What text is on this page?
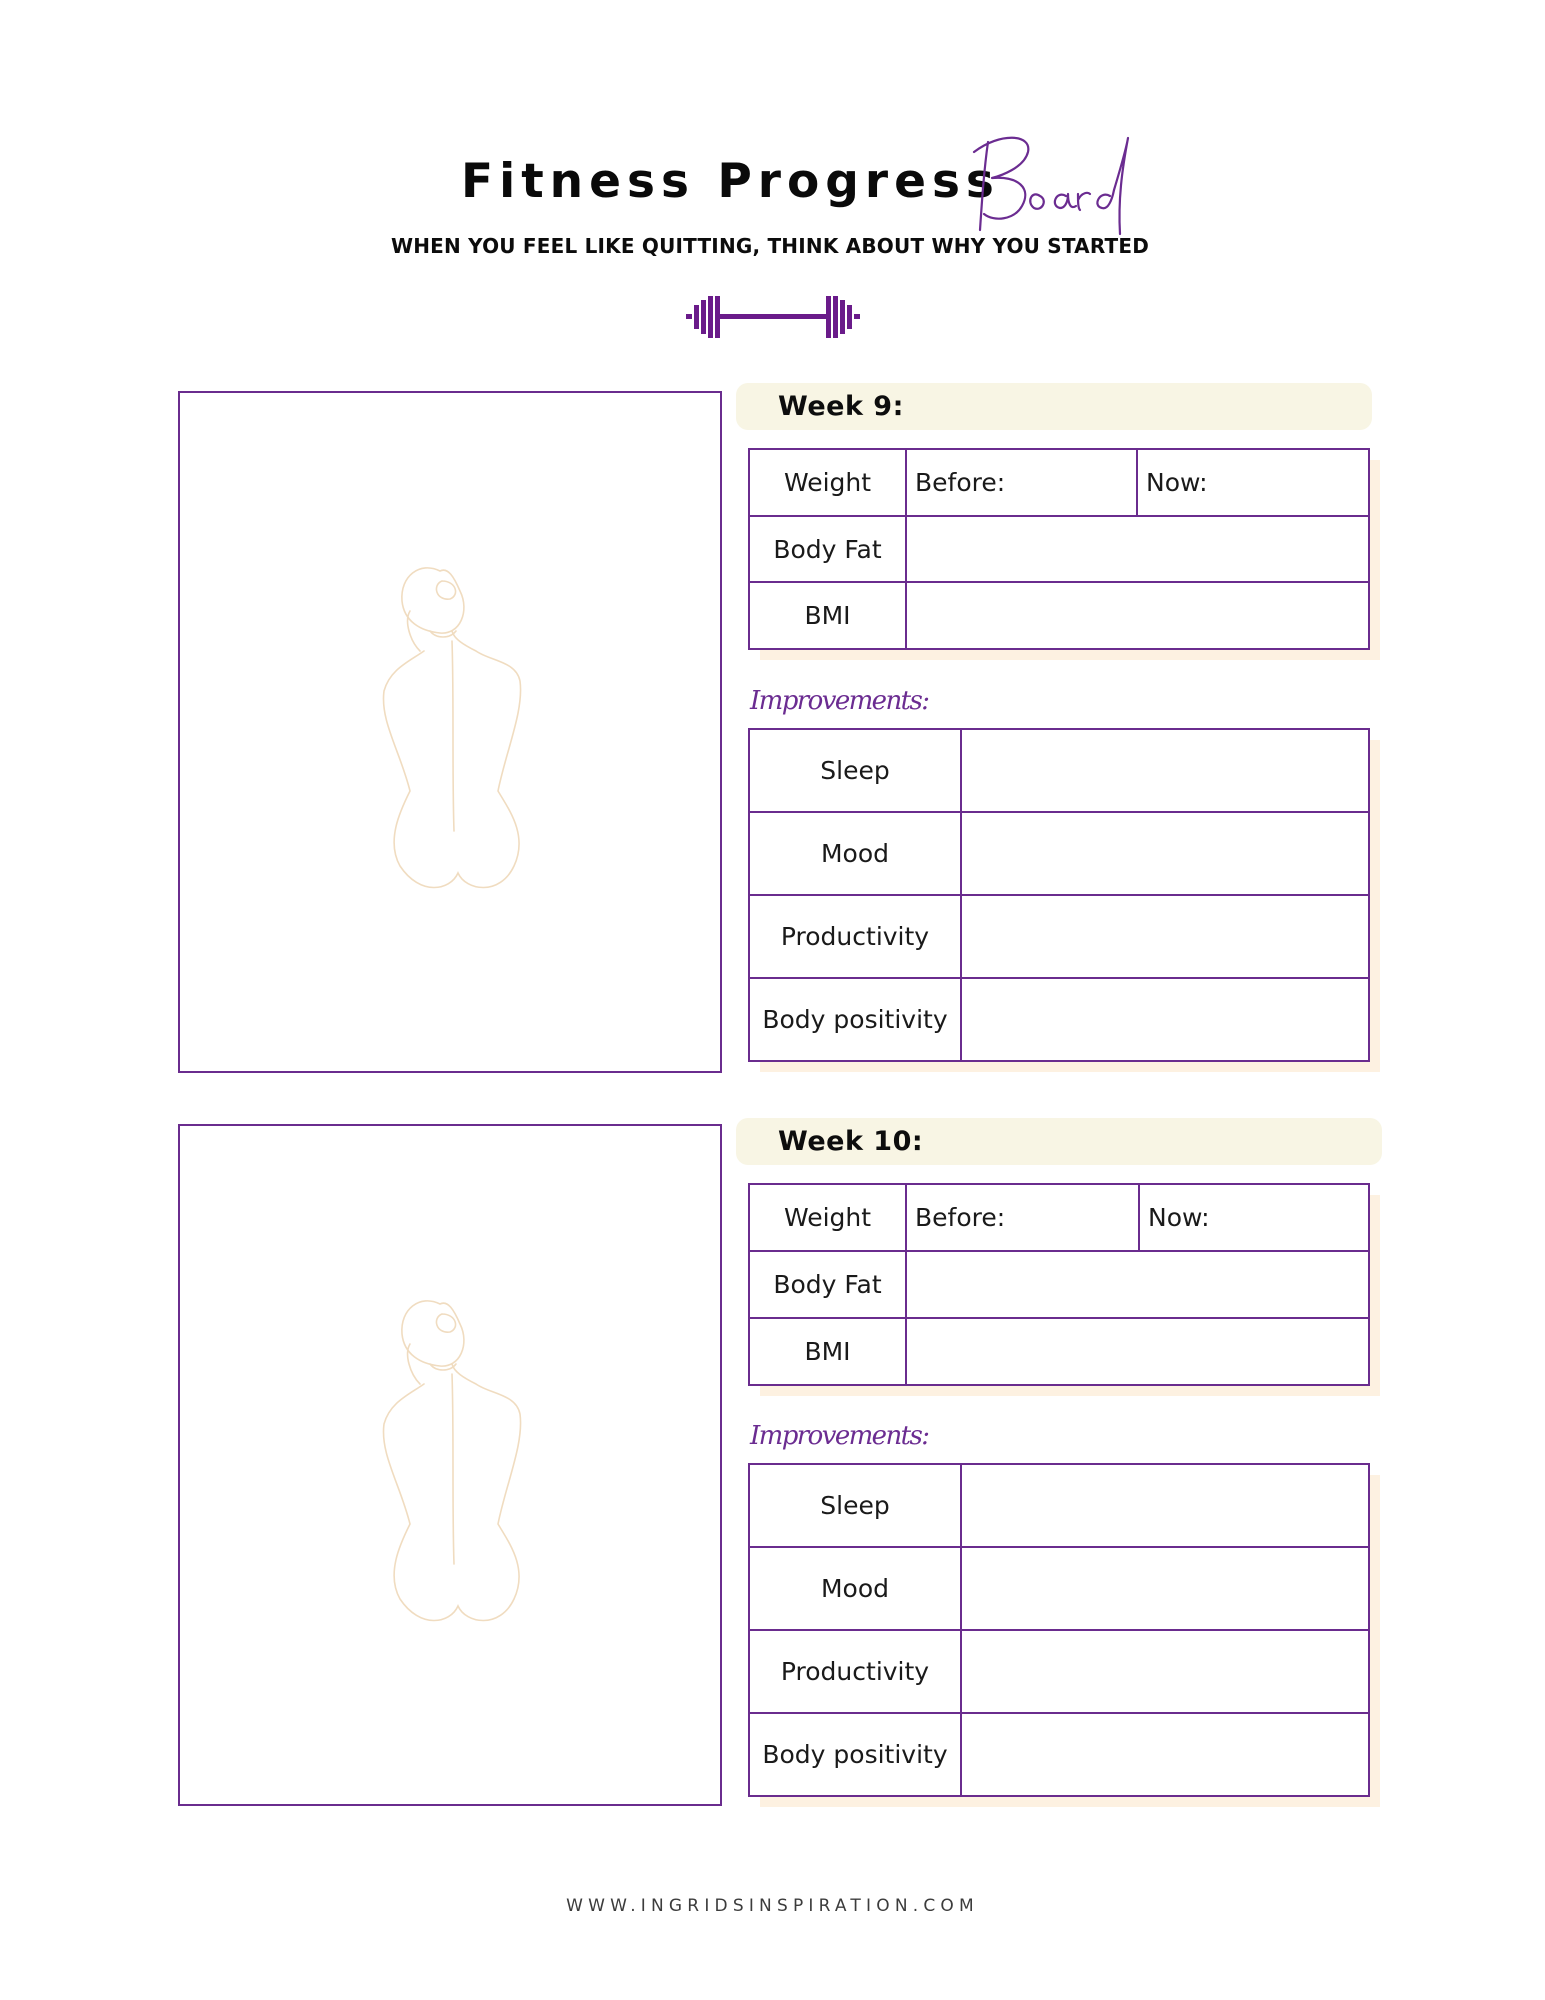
Fitness Progress
WHEN YOU FEEL LIKE QUITTING, THINK ABOUT WHY YOU STARTED
Week 9:
Weight	Before:	Now:
Body Fat		
BMI		
Improvements:
Sleep	
Mood	
Productivity	
Body positivity	
Week 10:
Weight	Before:	Now:
Body Fat		
BMI		
Improvements:
Sleep	
Mood	
Productivity	
Body positivity	
WWW.INGRIDSINSPIRATION.COM
